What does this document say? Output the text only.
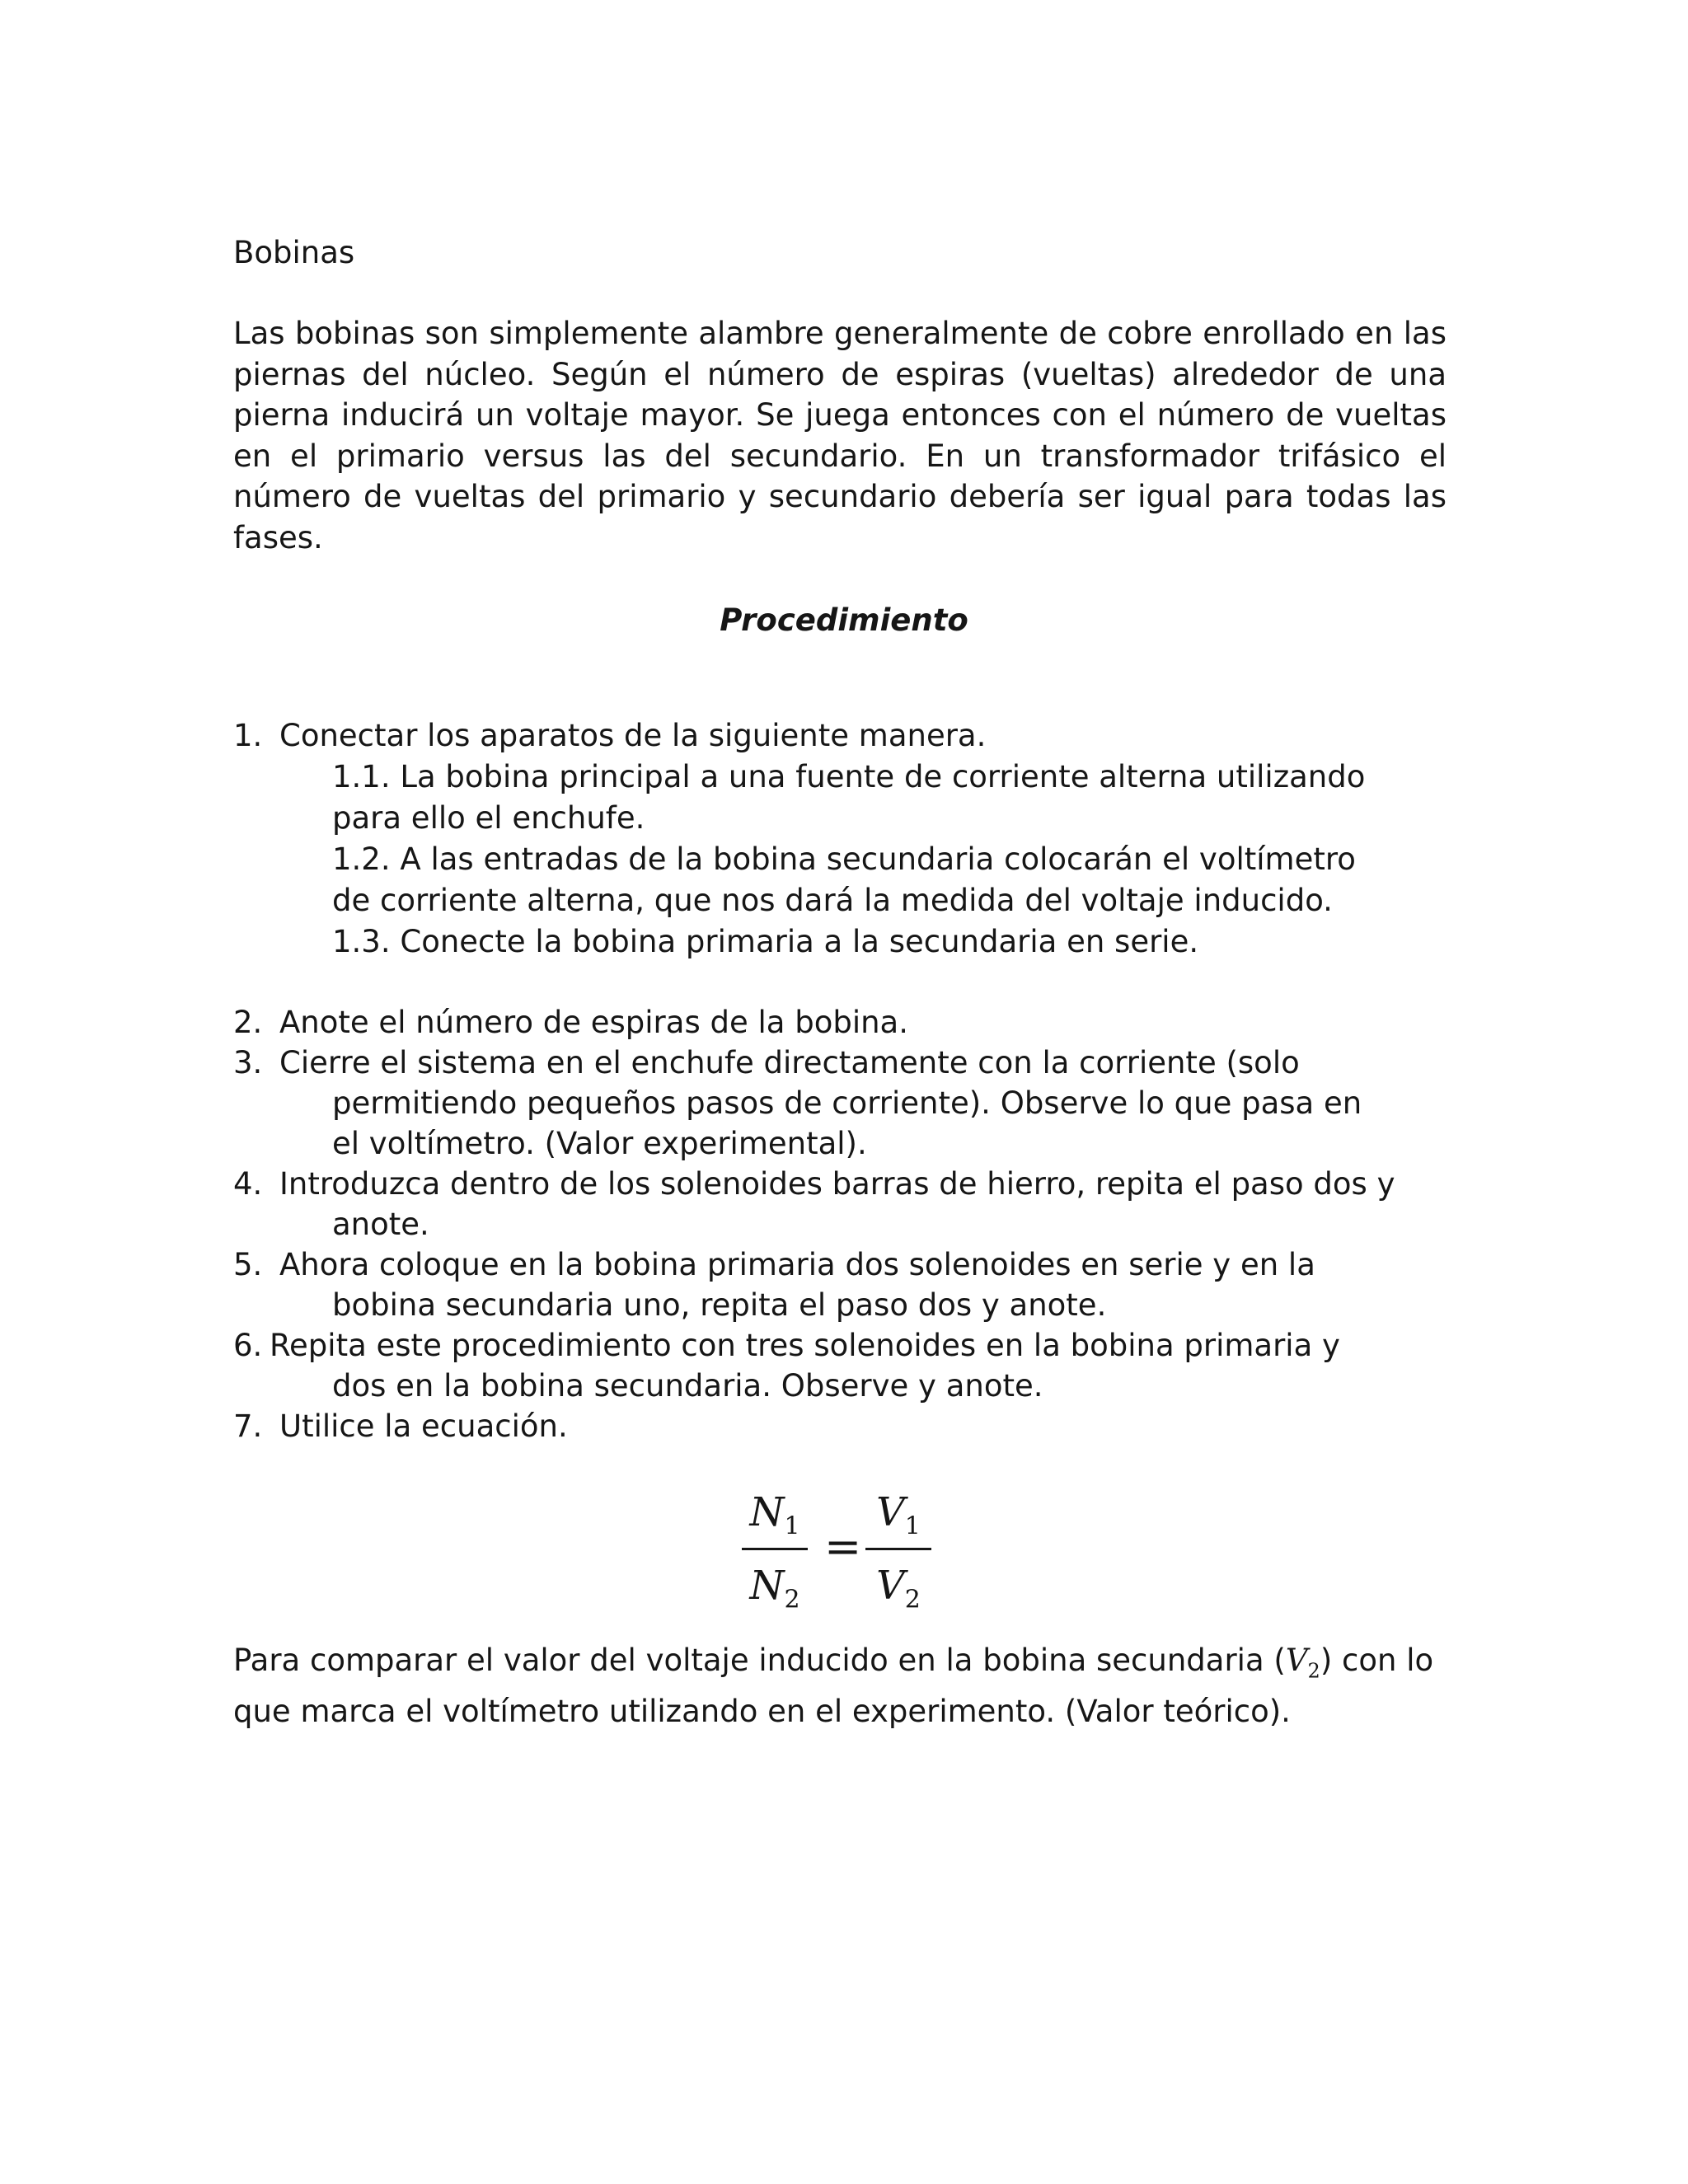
Bobinas

Las bobinas son simplemente alambre generalmente de cobre enrollado en las piernas del núcleo. Según el número de espiras (vueltas) alrededor de una pierna inducirá un voltaje mayor. Se juega entonces con el número de vueltas en el primario versus las del secundario. En un transformador trifásico el número de vueltas del primario y secundario debería ser igual para todas las fases.

Procedimiento
1. Conectar los aparatos de la siguiente manera.
1.1. La bobina principal a una fuente de corriente alterna utilizando
para ello el enchufe.
1.2. A las entradas de la bobina secundaria colocarán el voltímetro
de corriente alterna, que nos dará la medida del voltaje inducido.
1.3. Conecte la bobina primaria a la secundaria en serie.
2. Anote el número de espiras de la bobina.
3. Cierre el sistema en el enchufe directamente con la corriente (solo
permitiendo pequeños pasos de corriente). Observe lo que pasa en
el voltímetro. (Valor experimental).
4. Introduzca dentro de los solenoides barras de hierro, repita el paso dos y
anote.
5. Ahora coloque en la bobina primaria dos solenoides en serie y en la
bobina secundaria uno, repita el paso dos y anote.
6. Repita este procedimiento con tres solenoides en la bobina primaria y
dos en la bobina secundaria. Observe y anote.
7. Utilice la ecuación.
$N_1$
$N_2$
=
$V_1$
$V_2$

Para comparar el valor del voltaje inducido en la bobina secundaria $(V_2)$ con lo que marca el voltímetro utilizando en el experimento. (Valor teórico).
